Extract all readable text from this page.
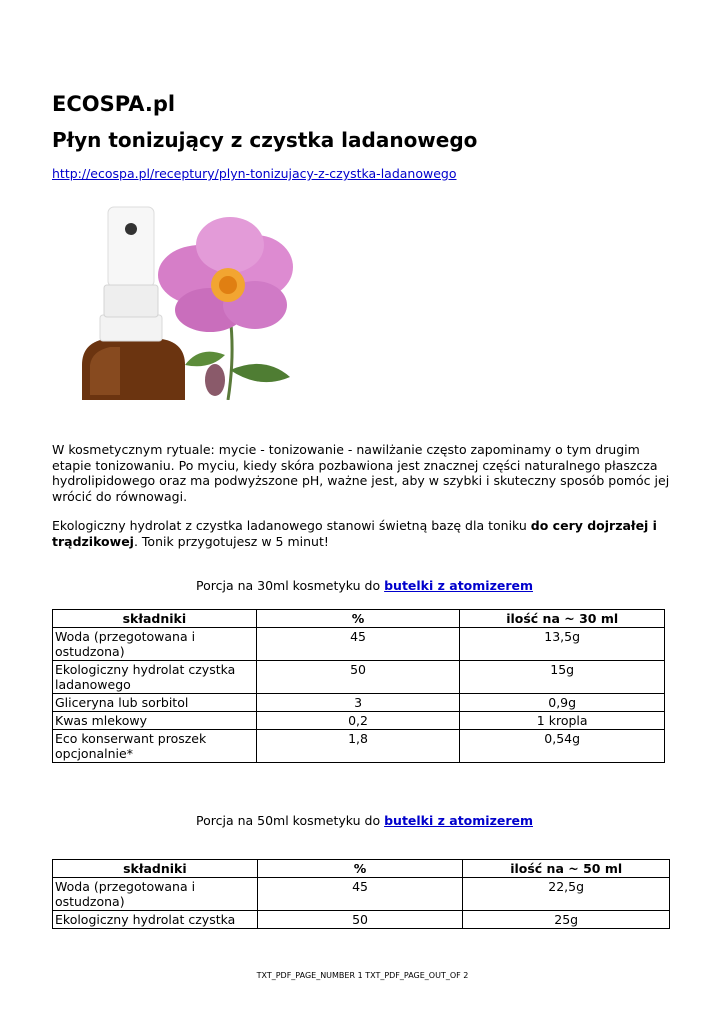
ECOSPA.pl
Płyn tonizujący z czystka ladanowego
http://ecospa.pl/receptury/plyn-tonizujacy-z-czystka-ladanowego

W kosmetycznym rytuale: mycie - tonizowanie - nawilżanie często zapominamy o tym drugim etapie tonizowaniu. Po myciu, kiedy skóra pozbawiona jest znacznej części naturalnego płaszcza hydrolipidowego oraz ma podwyższone pH, ważne jest, aby w szybki i skuteczny sposób pomóc jej wrócić do równowagi.

Ekologiczny hydrolat z czystka ladanowego stanowi świetną bazę dla toniku do cery dojrzałej i trądzikowej. Tonik przygotujesz w 5 minut!

Porcja na 30ml kosmetyku do butelki z atomizerem
składniki	%	ilość na ~ 30 ml
Woda (przegotowana i ostudzona)	45	13,5g
Ekologiczny hydrolat czystka ladanowego	50	15g
Gliceryna lub sorbitol	3	0,9g
Kwas mlekowy	0,2	1 kropla
Eco konserwant proszek opcjonalnie*	1,8	0,54g
Porcja na 50ml kosmetyku do butelki z atomizerem
składniki	%	ilość na ~ 50 ml
Woda (przegotowana i ostudzona)	45	22,5g
Ekologiczny hydrolat czystka	50	25g
TXT_PDF_PAGE_NUMBER 1 TXT_PDF_PAGE_OUT_OF 2
